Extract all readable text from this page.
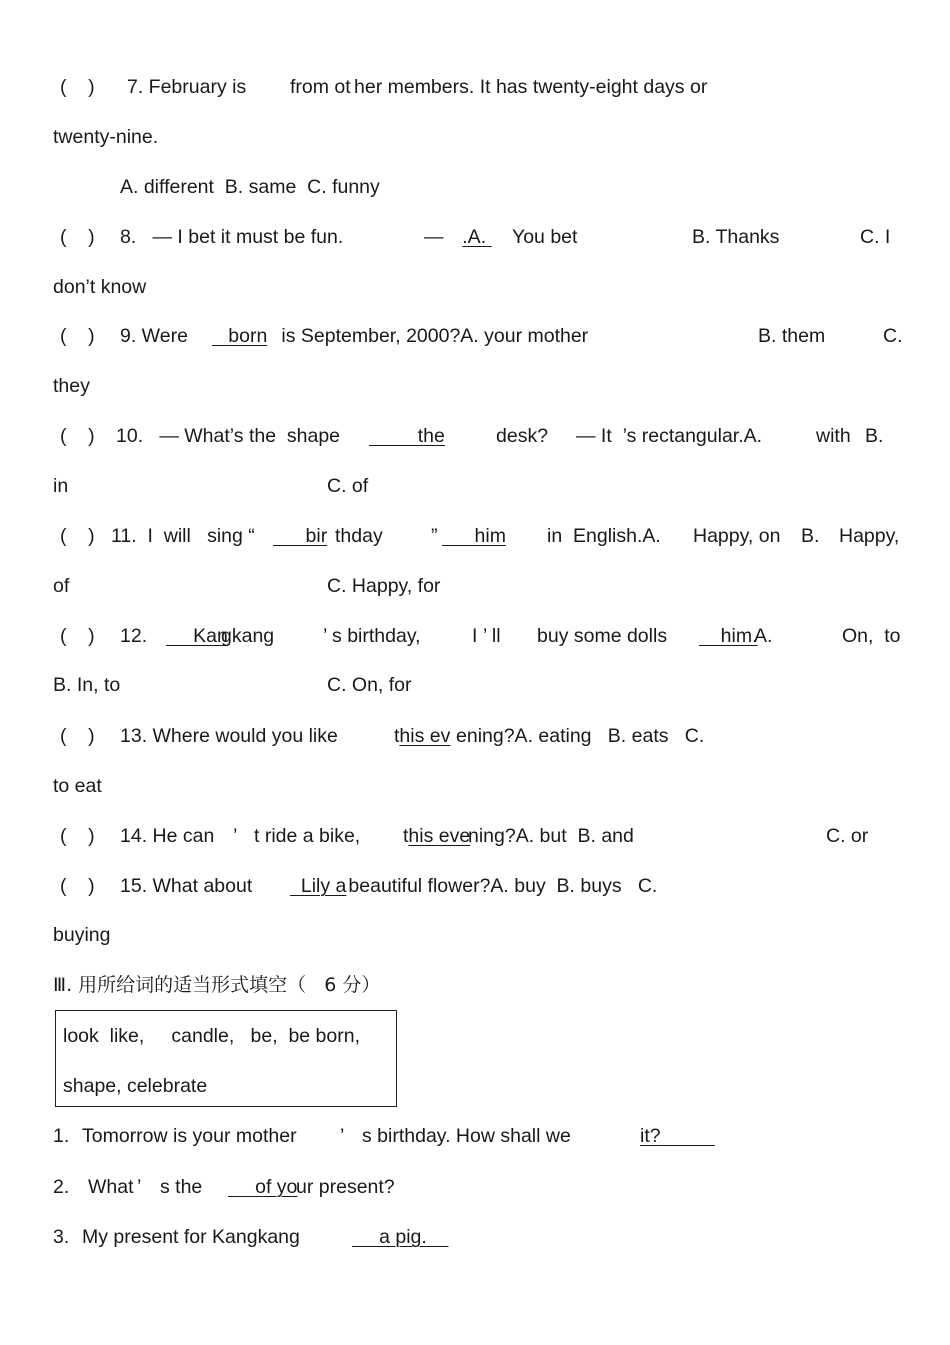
(    ) 7. February is from ot
her members. It has twenty-eight days or
twenty-nine.
A. different  B. same  C. funny
(    ) 8.   — I bet it must be fun.	— .A. You bet	B. Thanks	C. I
don’t know
(    ) 9. Were	born is September, 2000?A. your mother	B. them	C.
they
(    ) 10.   — What’s the  shape	the	desk? — It  ’s rectangular.A.	with B.
in	C. of
(    ) 11.  I  will   sing “	bir thday ”	him in  English.A. Happy, on B. Happy,
of	C. Happy, for
(    ) 12.	Kan
gkang	’ s birthday,	I ’ ll buy some dolls	him.
A.	On,  to
B. In, to	C. On, for
(    ) 13. Where would you like	this ev ening?A. eating   B. eats   C.
to eat
(    ) 14. He can ’ t ride a bike, this eve
ning?A. but  B. and	C. or
(    ) 15. What about	Lily a
beautiful flower?A. buy  B. buys   C.
buying
Ⅲ. 用所给词的适当形式填空（   6 分）
look  like,     candle,   be,  be born,
shape, celebrate
1. Tomorrow is your mother ’ s birthday. How shall we	it?
2. What ’ s the	of yo
ur present?
3. My present for Kangkang	a pig.
